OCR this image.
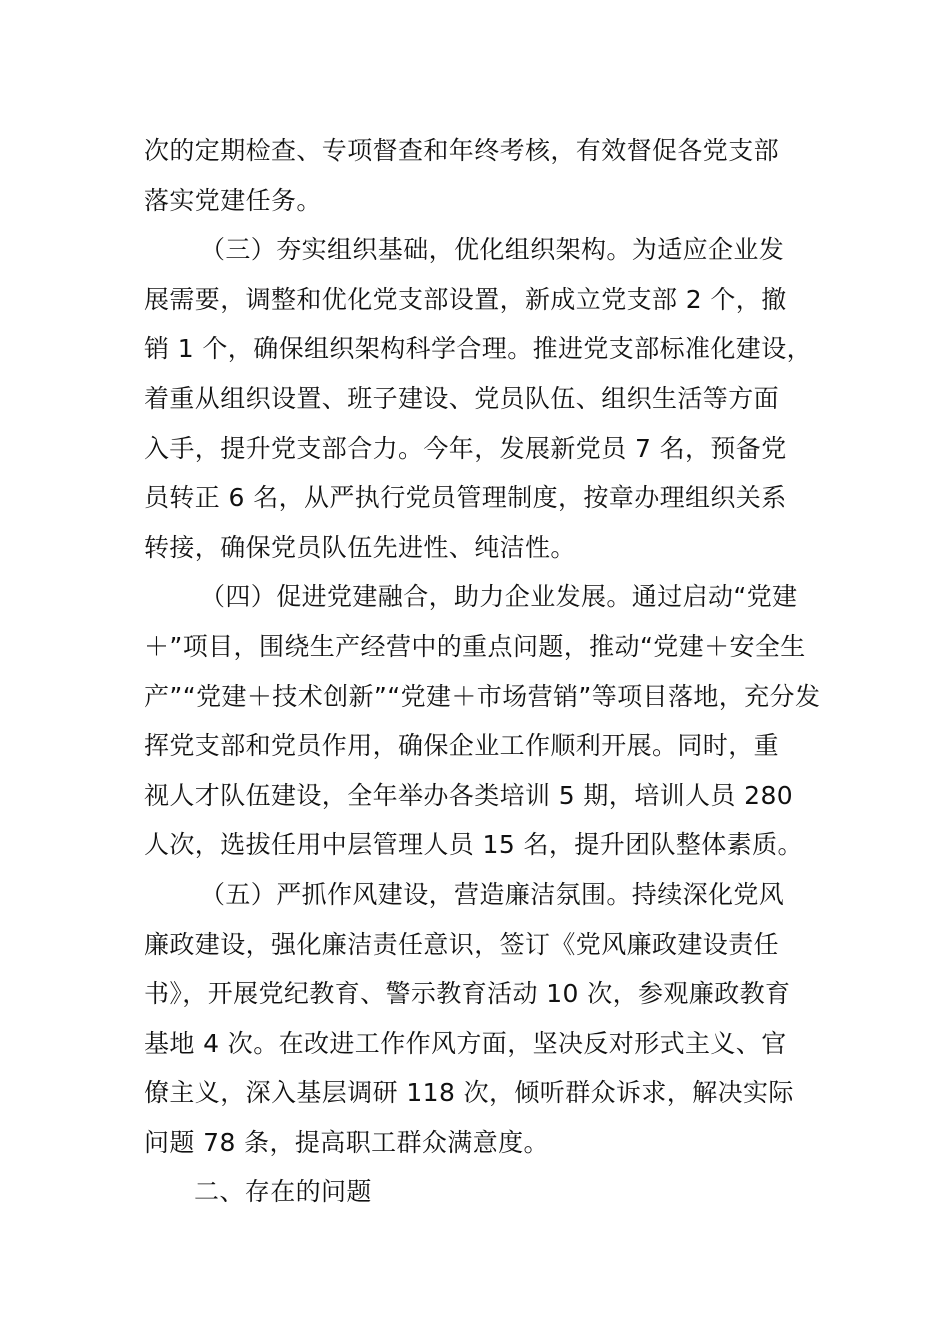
次的定期检查、专项督查和年终考核，有效督促各党支部
落实党建任务。
（三）夯实组织基础，优化组织架构。为适应企业发
展需要，调整和优化党支部设置，新成立党支部 2 个，撤
销 1 个，确保组织架构科学合理。推进党支部标准化建设，
着重从组织设置、班子建设、党员队伍、组织生活等方面
入手，提升党支部合力。今年，发展新党员 7 名，预备党
员转正 6 名，从严执行党员管理制度，按章办理组织关系
转接，确保党员队伍先进性、纯洁性。
（四）促进党建融合，助力企业发展。通过启动“党建
＋”项目，围绕生产经营中的重点问题，推动“党建＋安全生
产”“党建＋技术创新”“党建＋市场营销”等项目落地，充分发
挥党支部和党员作用，确保企业工作顺利开展。同时，重
视人才队伍建设，全年举办各类培训 5 期，培训人员 280
人次，选拔任用中层管理人员 15 名，提升团队整体素质。
（五）严抓作风建设，营造廉洁氛围。持续深化党风
廉政建设，强化廉洁责任意识，签订《党风廉政建设责任
书》，开展党纪教育、警示教育活动 10 次，参观廉政教育
基地 4 次。在改进工作作风方面，坚决反对形式主义、官
僚主义，深入基层调研 118 次，倾听群众诉求，解决实际
问题 78 条，提高职工群众满意度。
二、存在的问题
